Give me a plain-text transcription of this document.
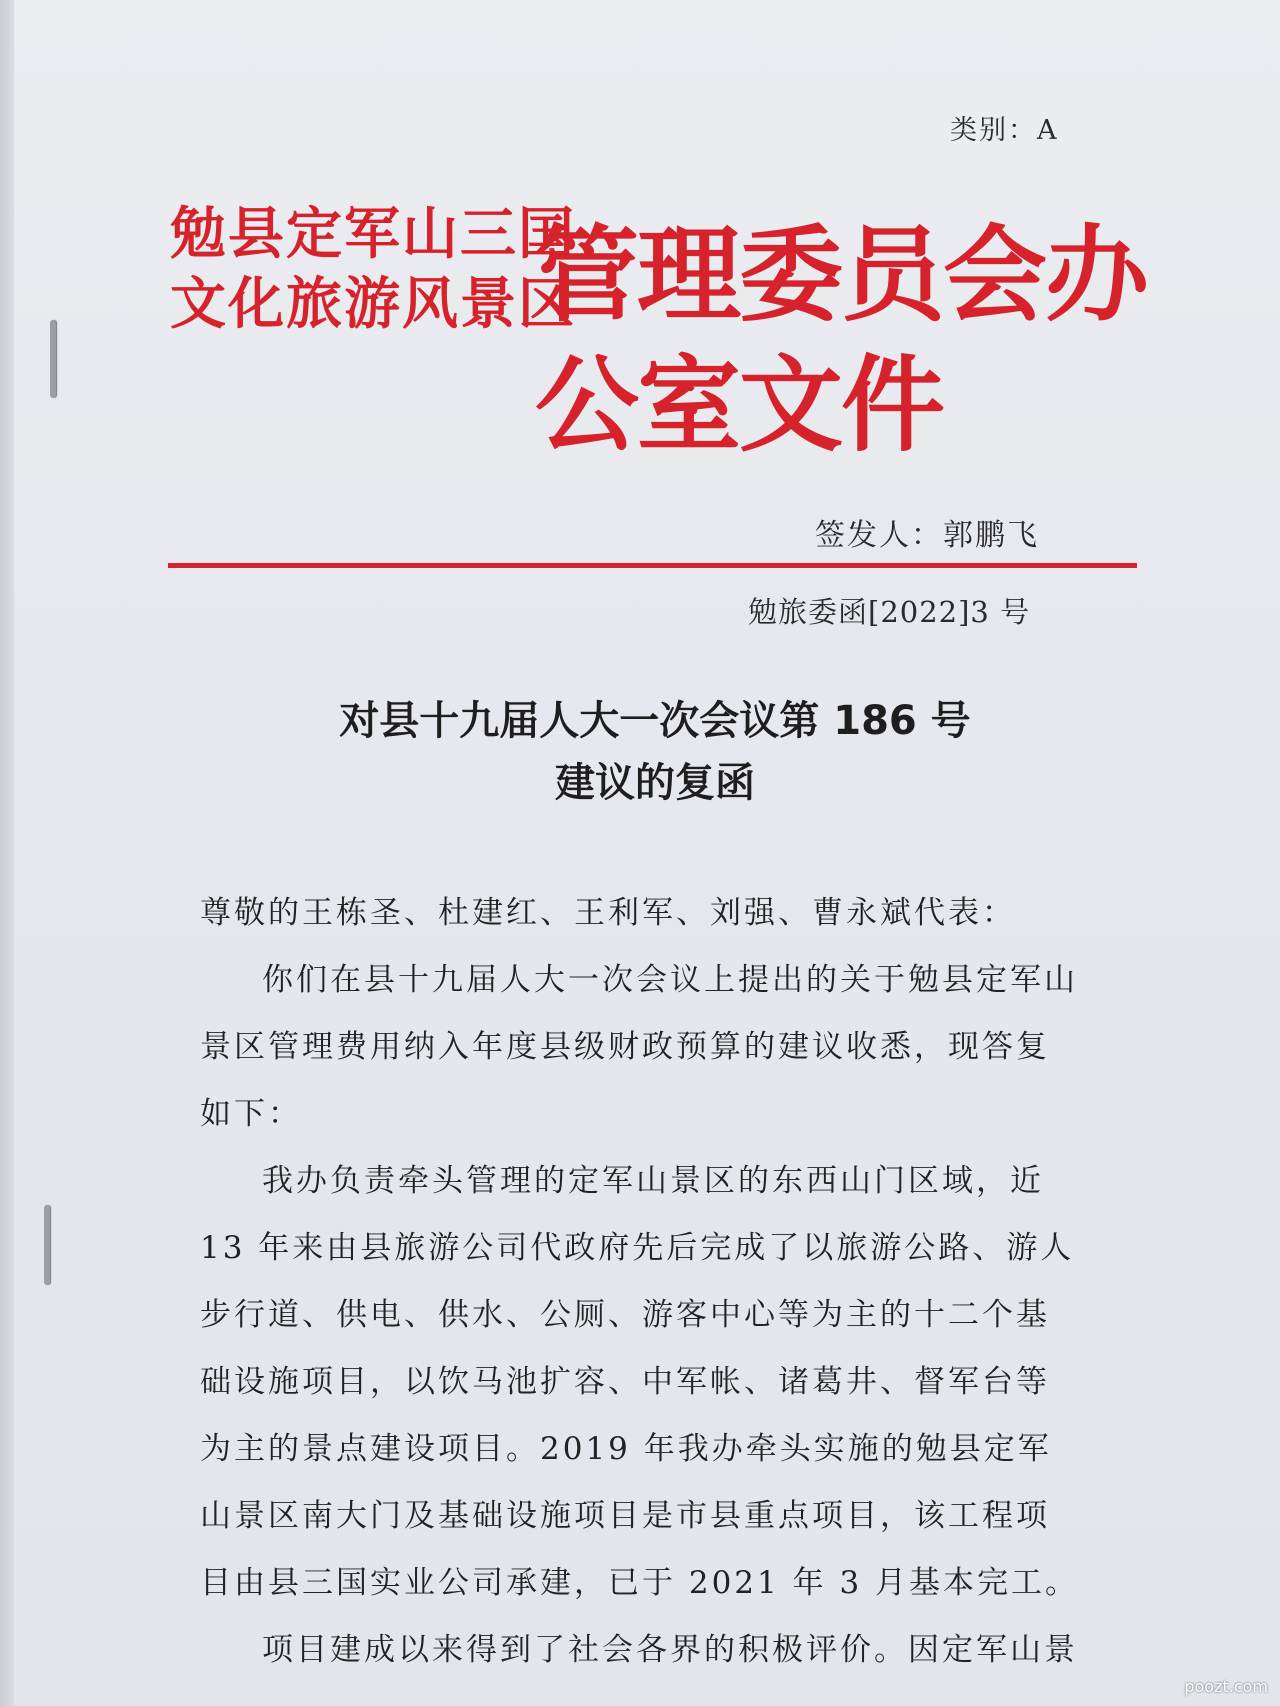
类别：A
勉县定军山三国
文化旅游风景区
管理委员会办公室文件
签发人：郭鹏飞
勉旅委函[2022]3 号
对县十九届人大一次会议第 186 号
建议的复函

尊敬的王栋圣、杜建红、王利军、刘强、曹永斌代表：

你们在县十九届人大一次会议上提出的关于勉县定军山景区管理费用纳入年度县级财政预算的建议收悉，现答复如下：

我办负责牵头管理的定军山景区的东西山门区域，近 13 年来由县旅游公司代政府先后完成了以旅游公路、游人步行道、供电、供水、公厕、游客中心等为主的十二个基础设施项目，以饮马池扩容、中军帐、诸葛井、督军台等为主的景点建设项目。2019 年我办牵头实施的勉县定军山景区南大门及基础设施项目是市县重点项目，该工程项目由县三国实业公司承建，已于 2021 年 3 月基本完工。

项目建成以来得到了社会各界的积极评价。因定军山景

poozt.com
